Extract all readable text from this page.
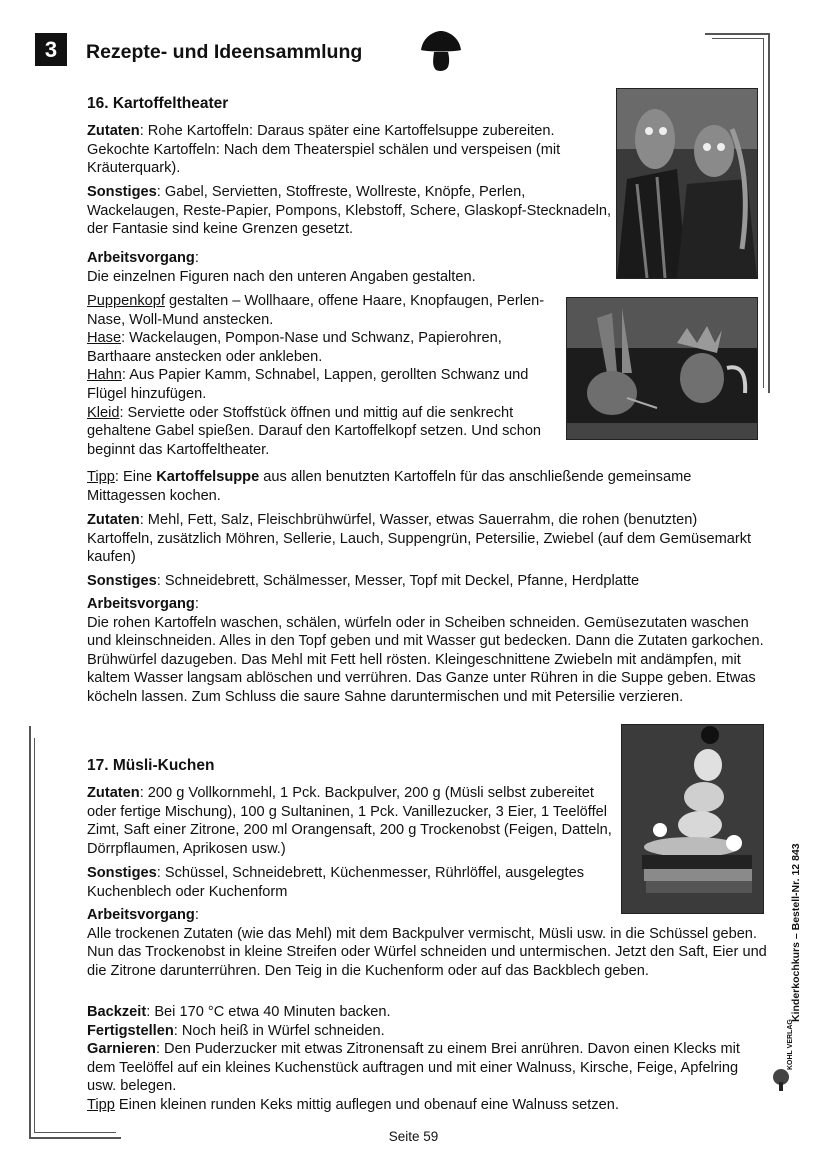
3	Rezepte- und Ideensammlung
16. Kartoffeltheater
Zutaten: Rohe Kartoffeln: Daraus später eine Kartoffelsuppe zubereiten. Gekochte Kartoffeln: Nach dem Theaterspiel schälen und verspeisen (mit Kräuterquark).
Sonstiges: Gabel, Servietten, Stoffreste, Wollreste, Knöpfe, Perlen, Wackelaugen, Reste-Papier, Pompons, Klebstoff, Schere, Glaskopf-Stecknadeln, der Fantasie sind keine Grenzen gesetzt.
Arbeitsvorgang:
Die einzelnen Figuren nach den unteren Angaben gestalten.

Puppenkopf gestalten – Wollhaare, offene Haare, Knopfaugen, Perlen-Nase, Woll-Mund anstecken.

Hase: Wackelaugen, Pompon-Nase und Schwanz, Papierohren, Barthaare anstecken oder ankleben.

Hahn: Aus Papier Kamm, Schnabel, Lappen, gerollten Schwanz und Flügel hinzufügen.

Kleid: Serviette oder Stoffstück öffnen und mittig auf die senkrecht gehaltene Gabel spießen. Darauf den Kartoffelkopf setzen. Und schon beginnt das Kartoffeltheater.

Tipp: Eine Kartoffelsuppe aus allen benutzten Kartoffeln für das anschließende gemeinsame Mittagessen kochen.
Zutaten: Mehl, Fett, Salz, Fleischbrühwürfel, Wasser, etwas Sauerrahm, die rohen (benutzten) Kartoffeln, zusätzlich Möhren, Sellerie, Lauch, Suppengrün, Petersilie, Zwiebel (auf dem Gemüsemarkt kaufen)
Sonstiges: Schneidebrett, Schälmesser, Messer, Topf mit Deckel, Pfanne, Herdplatte
Arbeitsvorgang:
Die rohen Kartoffeln waschen, schälen, würfeln oder in Scheiben schneiden. Gemüsezutaten waschen und kleinschneiden. Alles in den Topf geben und mit Wasser gut bedecken. Dann die Zutaten garkochen. Brühwürfel dazugeben. Das Mehl mit Fett hell rösten. Kleingeschnittene Zwiebeln mit andämpfen, mit kaltem Wasser langsam ablöschen und verrühren. Das Ganze unter Rühren in die Suppe geben. Etwas köcheln lassen. Zum Schluss die saure Sahne daruntermischen und mit Petersilie verzieren.
17. Müsli-Kuchen
Zutaten: 200 g Vollkornmehl, 1 Pck. Backpulver, 200 g (Müsli selbst zubereitet oder fertige Mischung), 100 g Sultaninen, 1 Pck. Vanillezucker, 3 Eier, 1 Teelöffel Zimt, Saft einer Zitrone, 200 ml Orangensaft, 200 g Trockenobst (Feigen, Datteln, Dörrpflaumen, Aprikosen usw.)
Sonstiges: Schüssel, Schneidebrett, Küchenmesser, Rührlöffel, ausgelegtes Kuchenblech oder Kuchenform
Arbeitsvorgang:
Alle trockenen Zutaten (wie das Mehl) mit dem Backpulver vermischt, Müsli usw. in die Schüssel geben. Nun das Trockenobst in kleine Streifen oder Würfel schneiden und untermischen. Jetzt den Saft, Eier und die Zitrone darunterrühren. Den Teig in die Kuchenform oder auf das Backblech geben.

Backzeit: Bei 170 °C etwa 40 Minuten backen.

Fertigstellen: Noch heiß in Würfel schneiden.

Garnieren: Den Puderzucker mit etwas Zitronensaft zu einem Brei anrühren. Davon einen Klecks mit dem Teelöffel auf ein kleines Kuchenstück auftragen und mit einer Walnuss, Kirsche, Feige, Apfelring usw. belegen.

Tipp Einen kleinen runden Keks mittig auflegen und obenauf eine Walnuss setzen.

Kinderkochkurs – Bestell-Nr. 12 843
KOHL VERLAG
Seite 59
